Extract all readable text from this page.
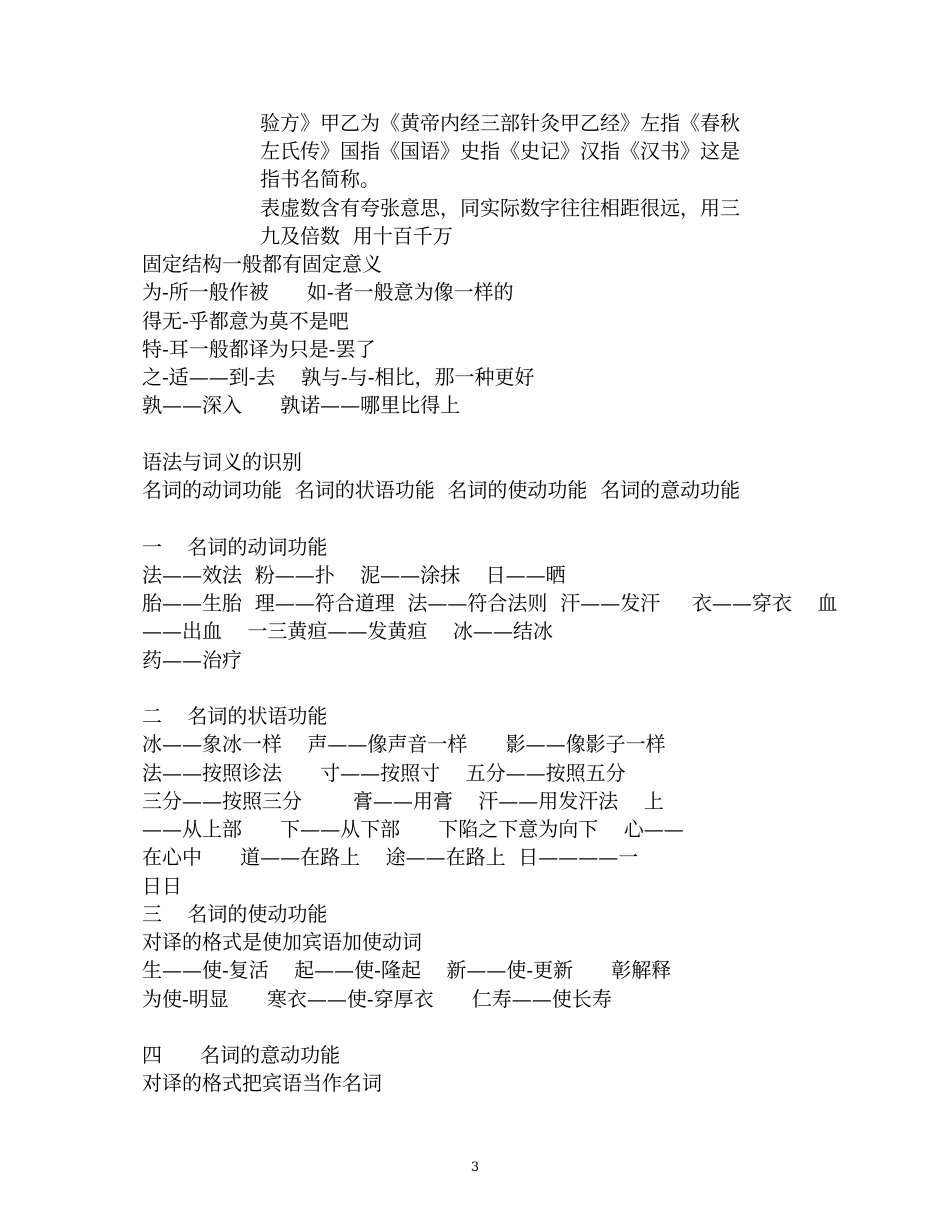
验方》甲乙为《黄帝内经三部针灸甲乙经》左指《春秋
左氏传》国指《国语》史指《史记》汉指《汉书》这是
指书名简称。
表虚数含有夸张意思，同实际数字往往相距很远，用三
九及倍数  用十百千万
固定结构一般都有固定意义
为-所一般作被      如-者一般意为像一样的
得无-乎都意为莫不是吧
特-耳一般都译为只是-罢了
之-适——到-去    孰与-与-相比，那一种更好
孰——深入      孰诺——哪里比得上
语法与词义的识别
名词的动词功能  名词的状语功能  名词的使动功能  名词的意动功能
一    名词的动词功能
法——效法  粉——扑    泥——涂抹    日——晒
胎——生胎  理——符合道理  法——符合法则  汗——发汗     衣——穿衣    血
——出血    一三黄疸——发黄疸    冰——结冰
药——治疗
二    名词的状语功能
冰——象冰一样    声——像声音一样      影——像影子一样
法——按照诊法      寸——按照寸    五分——按照五分
三分——按照三分        膏——用膏    汗——用发汗法    上
——从上部      下——从下部      下陷之下意为向下    心——
在心中      道——在路上    途——在路上  日————一
日日
三    名词的使动功能
对译的格式是使加宾语加使动词
生——使-复活    起——使-隆起    新——使-更新      彰解释
为使-明显      寒衣——使-穿厚衣      仁寿——使长寿
四      名词的意动功能
对译的格式把宾语当作名词
3
